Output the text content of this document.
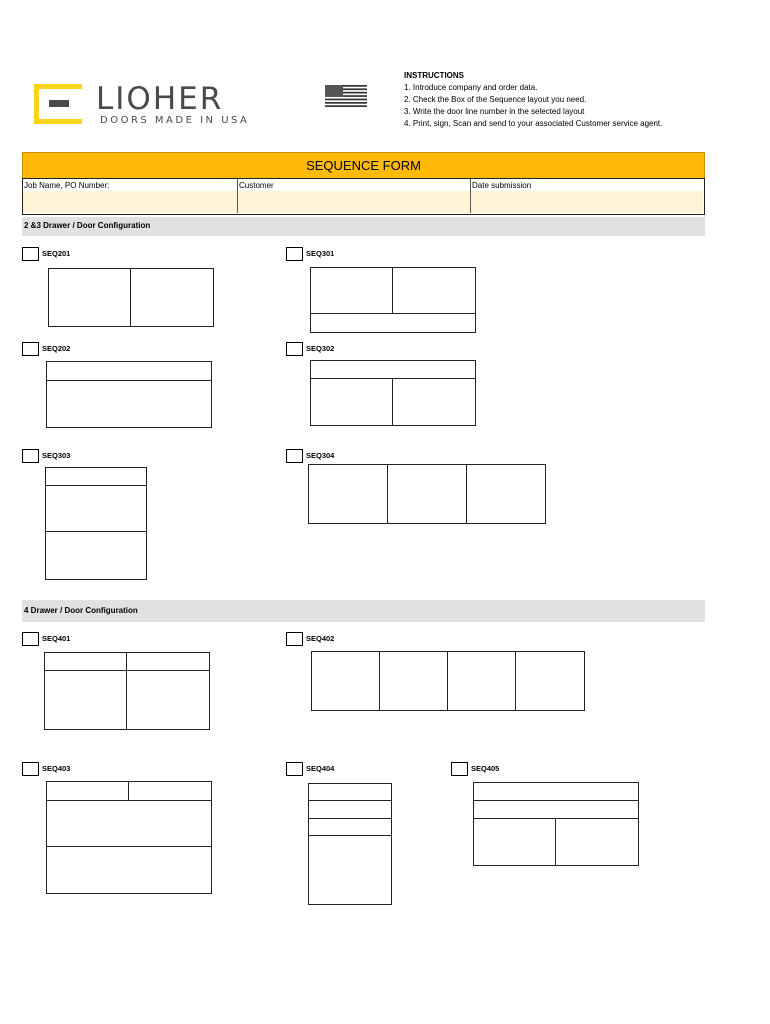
LIOHER
DOORS MADE IN USA
INSTRUCTIONS
1. Introduce company and order data.
2. Check the Box of the Sequence layout you need.
3. Write the door line number in the selected layout
4. Print, sign, Scan and send to your associated Customer service agent.
SEQUENCE FORM
Job Name, PO Number:	Customer	Date submission
2 &3 Drawer / Door Configuration
SEQ201	SEQ301
SEQ202	SEQ302
SEQ303	SEQ304
4 Drawer / Door Configuration
SEQ401	SEQ402
SEQ403	SEQ404	SEQ405
